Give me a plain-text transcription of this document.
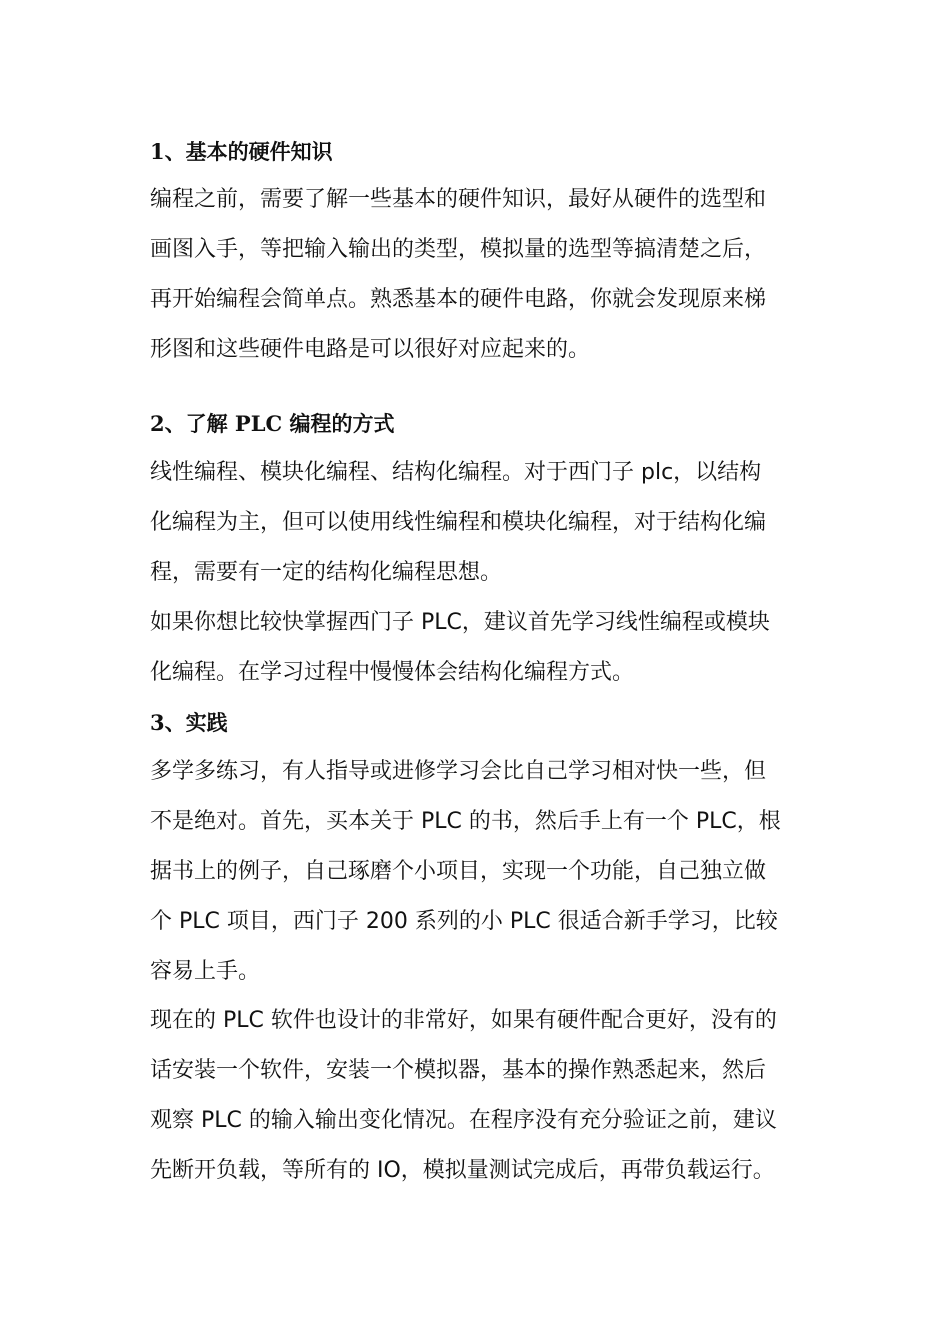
1、基本的硬件知识
编程之前，需要了解一些基本的硬件知识，最好从硬件的选型和
画图入手，等把输入输出的类型，模拟量的选型等搞清楚之后，
再开始编程会简单点。熟悉基本的硬件电路，你就会发现原来梯
形图和这些硬件电路是可以很好对应起来的。
2、了解 PLC 编程的方式
线性编程、模块化编程、结构化编程。对于西门子 plc，以结构
化编程为主，但可以使用线性编程和模块化编程，对于结构化编
程，需要有一定的结构化编程思想。
如果你想比较快掌握西门子 PLC，建议首先学习线性编程或模块
化编程。在学习过程中慢慢体会结构化编程方式。
3、实践
多学多练习，有人指导或进修学习会比自己学习相对快一些，但
不是绝对。首先，买本关于 PLC 的书，然后手上有一个 PLC，根
据书上的例子，自己琢磨个小项目，实现一个功能，自己独立做
个 PLC 项目，西门子 200 系列的小 PLC 很适合新手学习，比较
容易上手。
现在的 PLC 软件也设计的非常好，如果有硬件配合更好，没有的
话安装一个软件，安装一个模拟器，基本的操作熟悉起来，然后
观察 PLC 的输入输出变化情况。在程序没有充分验证之前，建议
先断开负载，等所有的 IO，模拟量测试完成后，再带负载运行。
